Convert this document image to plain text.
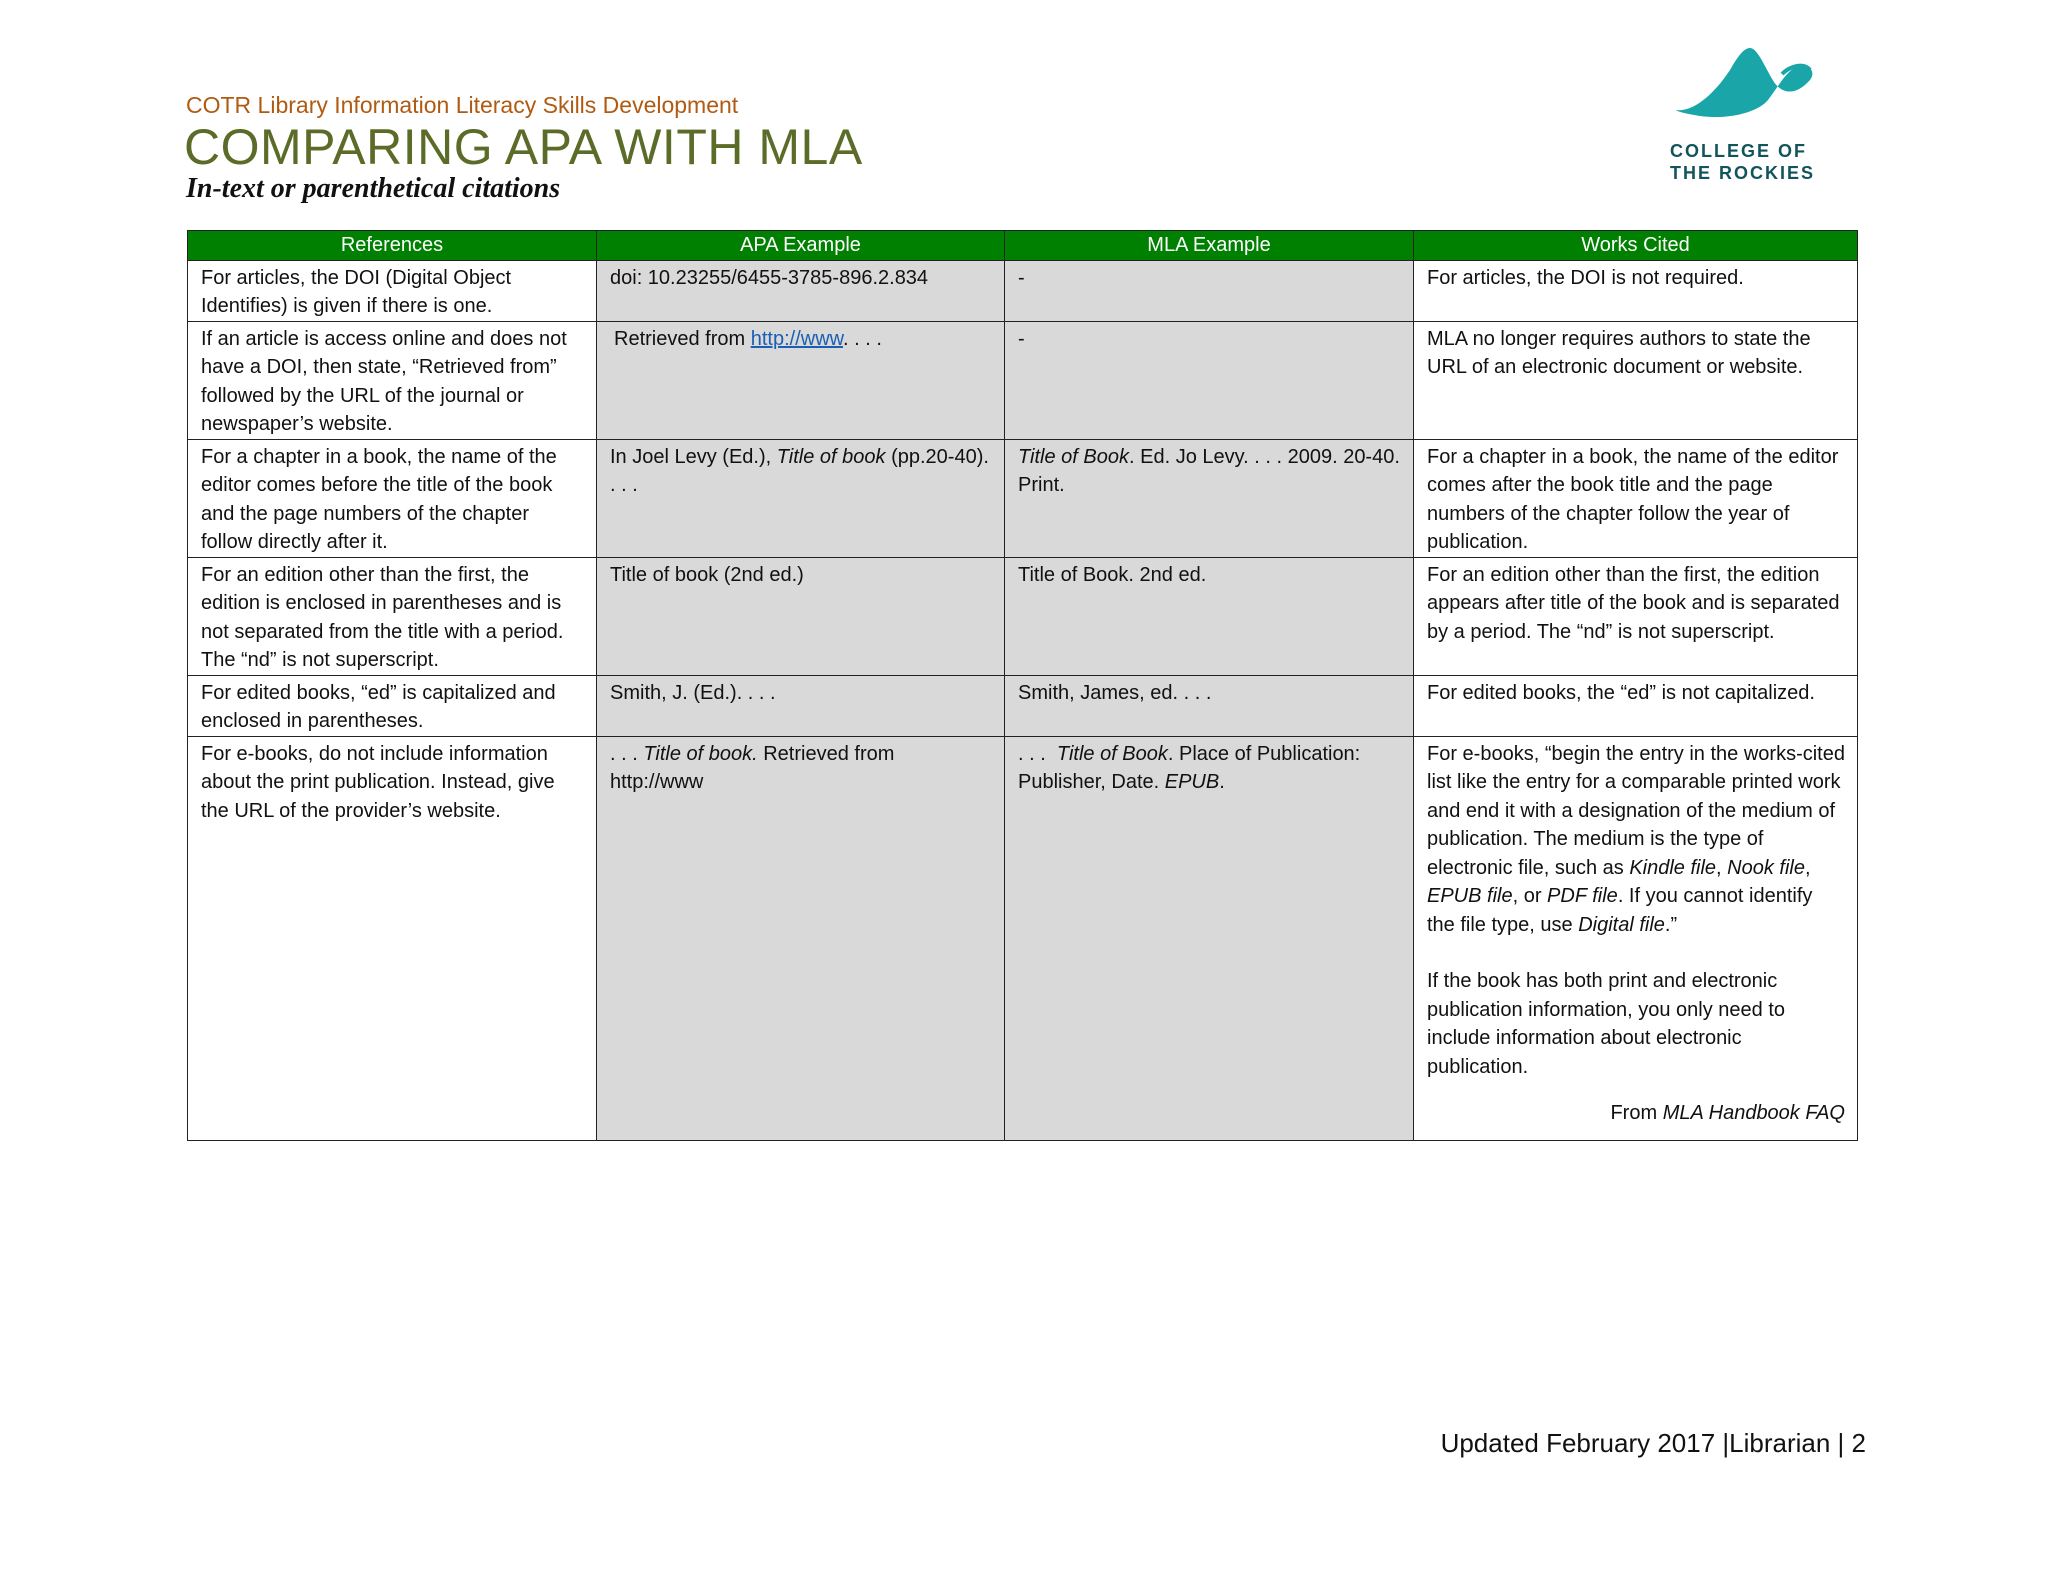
COTR Library Information Literacy Skills Development
COMPARING APA WITH MLA
In-text or parenthetical citations
COLLEGE OF
THE ROCKIES
References	APA Example	MLA Example	Works Cited
For articles, the DOI (Digital Object Identifies) is given if there is one.	doi: 10.23255/6455-3785-896.2.834	-	For articles, the DOI is not required.
If an article is access online and does not have a DOI, then state, “Retrieved from” followed by the URL of the journal or newspaper’s website.	Retrieved from http://www. . . .	-	MLA no longer requires authors to state the URL of an electronic document or website.
For a chapter in a book, the name of the editor comes before the title of the book and the page numbers of the chapter follow directly after it.	In Joel Levy (Ed.), Title of book (pp.20-40). . . .	Title of Book. Ed. Jo Levy. . . . 2009. 20-40. Print.	For a chapter in a book, the name of the editor comes after the book title and the page numbers of the chapter follow the year of publication.
For an edition other than the first, the edition is enclosed in parentheses and is not separated from the title with a period. The “nd” is not superscript.	Title of book (2nd ed.)	Title of Book. 2nd ed.	For an edition other than the first, the edition appears after title of the book and is separated by a period. The “nd” is not superscript.
For edited books, “ed” is capitalized and enclosed in parentheses.	Smith, J. (Ed.). . . .	Smith, James, ed. . . .	For edited books, the “ed” is not capitalized.
For e-books, do not include information about the print publication. Instead, give the URL of the provider’s website.	. . . Title of book. Retrieved from http://www	. . .  Title of Book. Place of Publication: Publisher, Date. EPUB.	For e-books, “begin the entry in the works-cited list like the entry for a comparable printed work and end it with a designation of the medium of publication. The medium is the type of electronic file, such as Kindle file, Nook file, EPUB file, or PDF file. If you cannot identify the file type, use Digital file.”
If the book has both print and electronic publication information, you only need to include information about electronic publication.
From MLA Handbook FAQ
Updated February 2017 |Librarian | 2
